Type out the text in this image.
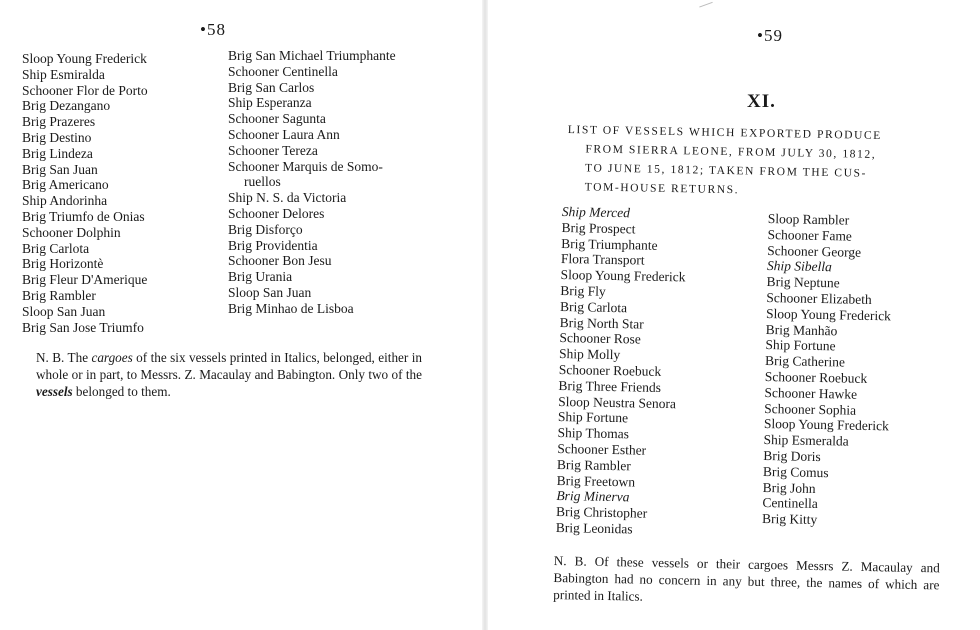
•58
Sloop Young Frederick
Ship Esmiralda
Schooner Flor de Porto
Brig Dezangano
Brig Prazeres
Brig Destino
Brig Lindeza
Brig San Juan
Brig Americano
Ship Andorinha
Brig Triumfo de Onias
Schooner Dolphin
Brig Carlota
Brig Horizontè
Brig Fleur D'Amerique
Brig Rambler
Sloop San Juan
Brig San Jose Triumfo
Brig San Michael Triumphante
Schooner Centinella
Brig San Carlos
Ship Esperanza
Schooner Sagunta
Schooner Laura Ann
Schooner Tereza
Schooner Marquis de Somo-
ruellos
Ship N. S. da Victoria
Schooner Delores
Brig Disforço
Brig Providentia
Schooner Bon Jesu
Brig Urania
Sloop San Juan
Brig Minhao de Lisboa

N. B. The cargoes of the six vessels printed in Italics, belonged, either in whole or in part, to Messrs. Z. Macaulay and Babington. Only two of the vessels belonged to them.

•59
XI.
LIST OF VESSELS WHICH EXPORTED PRODUCE
FROM SIERRA LEONE, FROM JULY 30, 1812,
TO JUNE 15, 1812; TAKEN FROM THE CUS-
TOM-HOUSE RETURNS.
Ship Merced
Brig Prospect
Brig Triumphante
Flora Transport
Sloop Young Frederick
Brig Fly
Brig Carlota
Brig North Star
Schooner Rose
Ship Molly
Schooner Roebuck
Brig Three Friends
Sloop Neustra Senora
Ship Fortune
Ship Thomas
Schooner Esther
Brig Rambler
Brig Freetown
Brig Minerva
Brig Christopher
Brig Leonidas
Sloop Rambler
Schooner Fame
Schooner George
Ship Sibella
Brig Neptune
Schooner Elizabeth
Sloop Young Frederick
Brig Manhão
Ship Fortune
Brig Catherine
Schooner Roebuck
Schooner Hawke
Schooner Sophia
Sloop Young Frederick
Ship Esmeralda
Brig Doris
Brig Comus
Brig John
Centinella
Brig Kitty

N. B. Of these vessels or their cargoes Messrs Z. Macaulay and Babington had no concern in any but three, the names of which are printed in Italics.
